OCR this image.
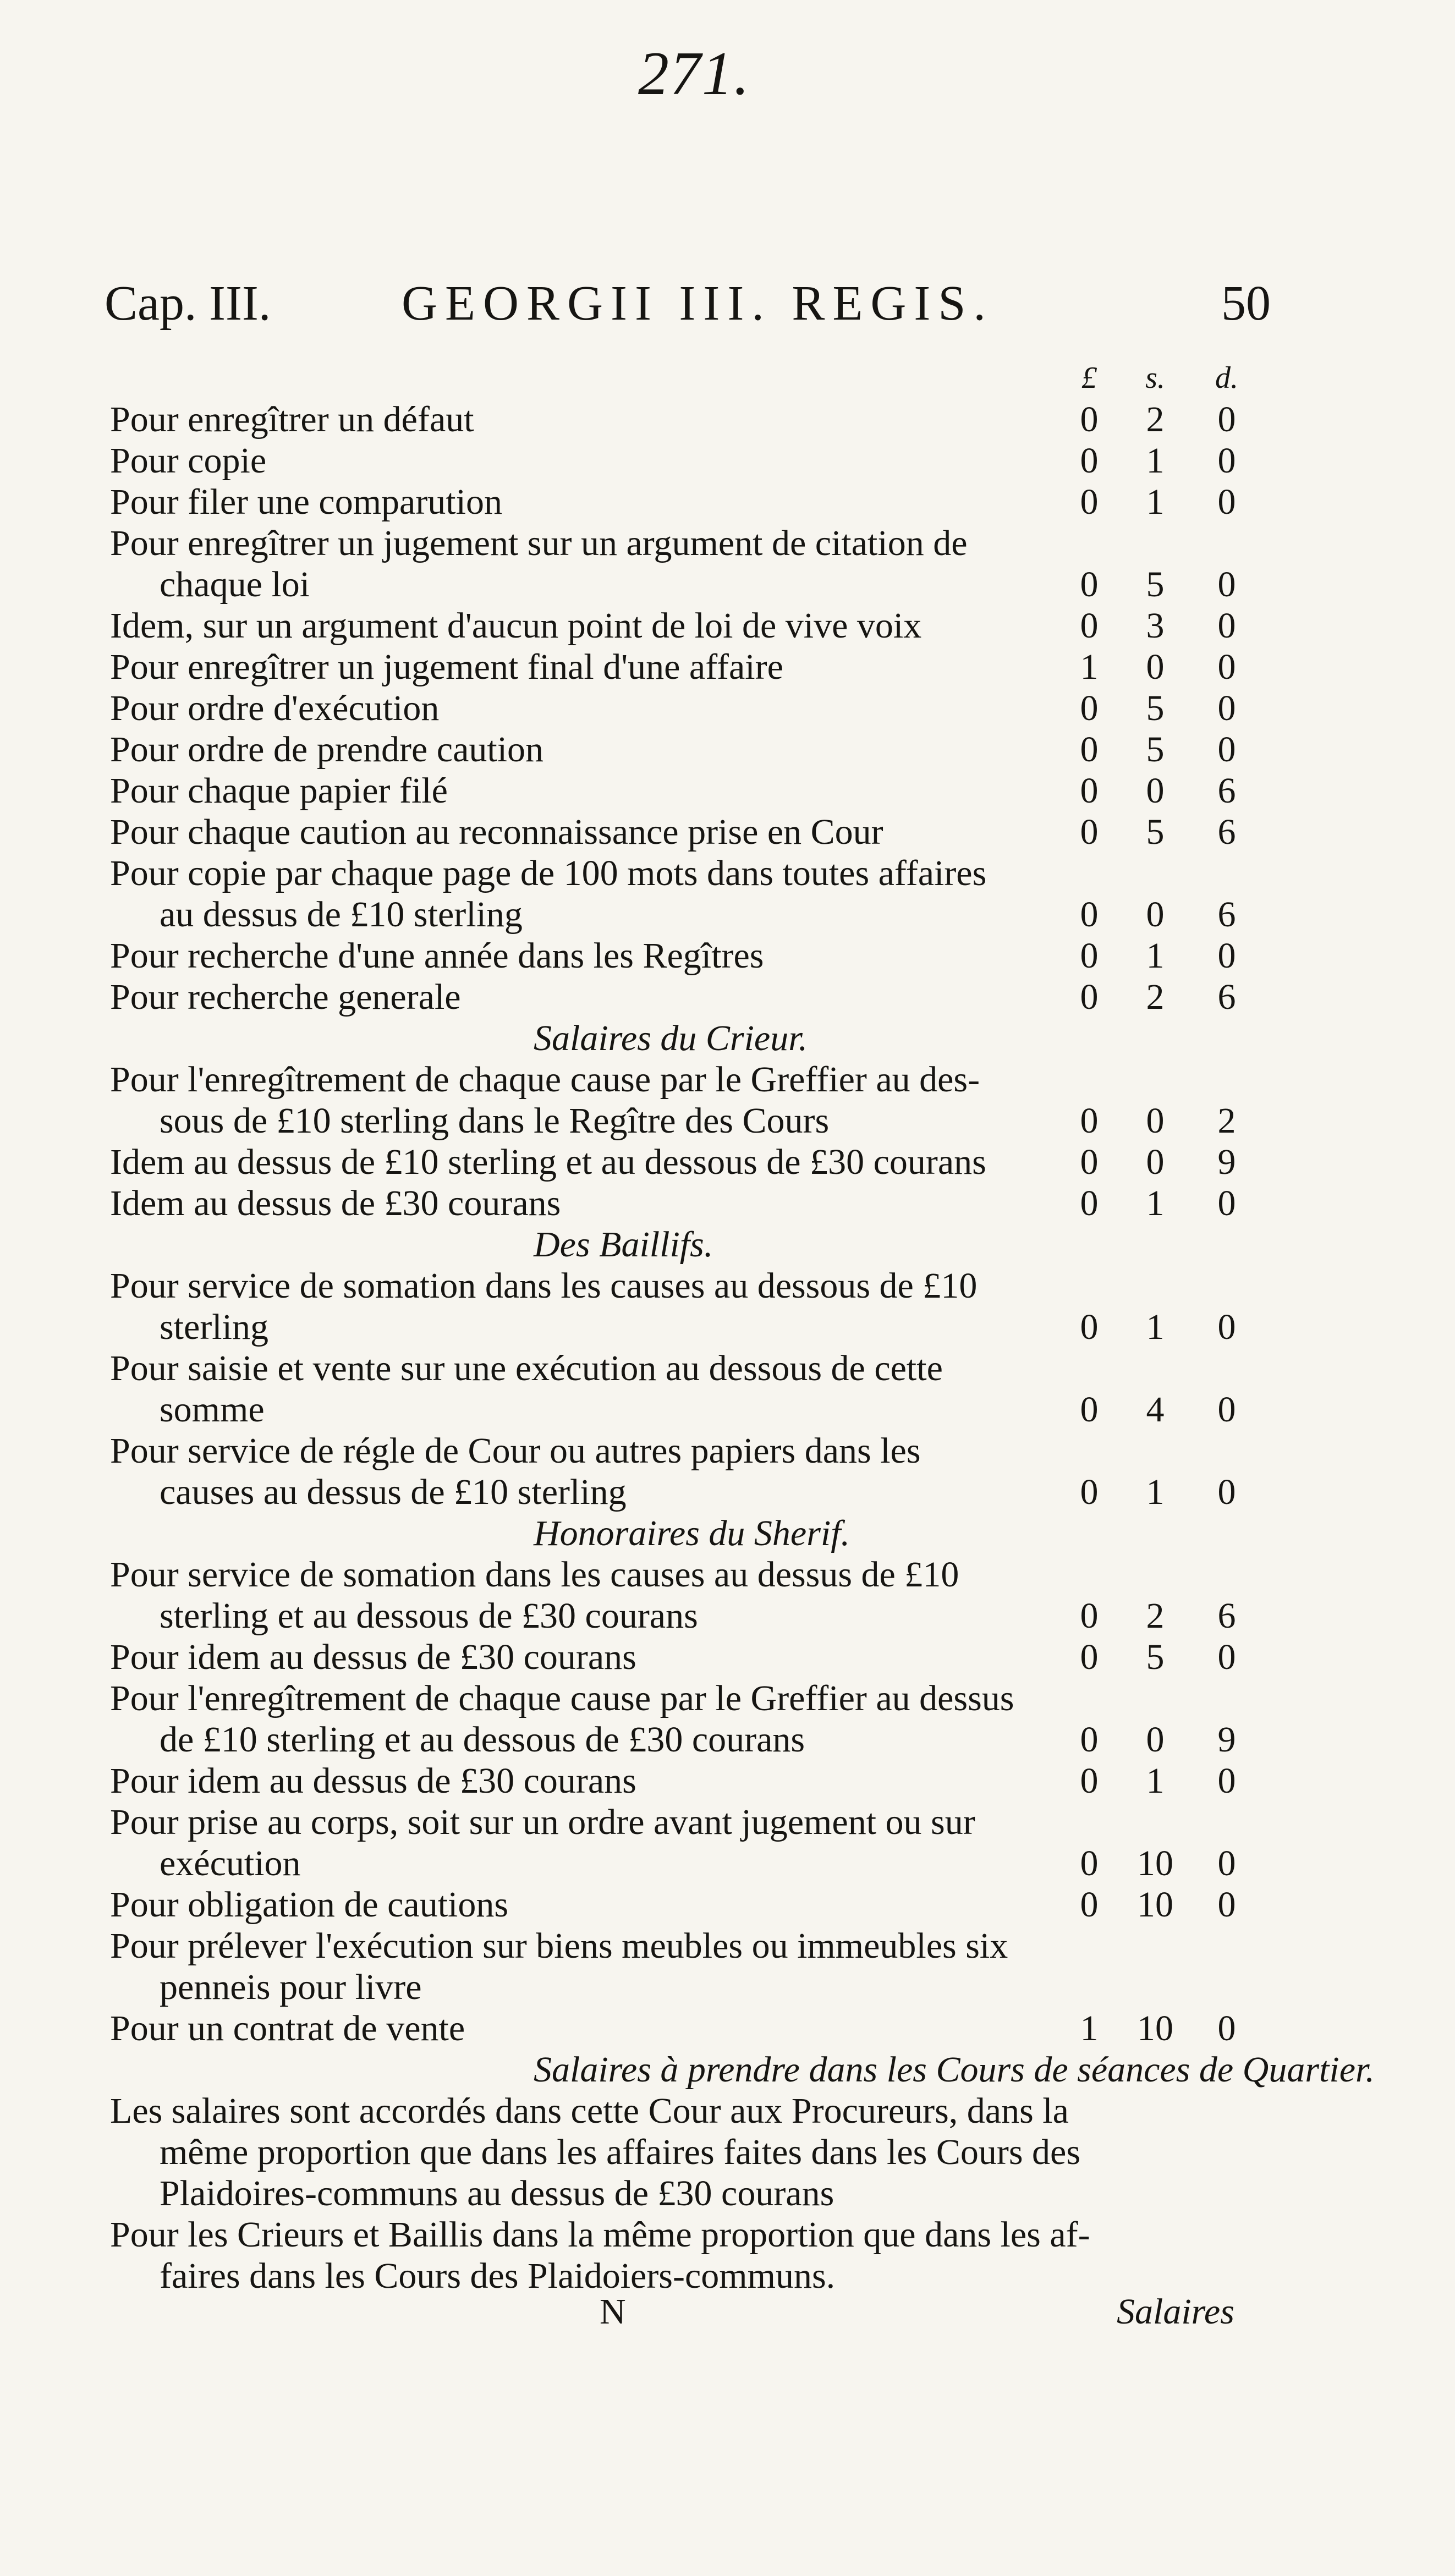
271.
Cap. III.	GEORGII III. REGIS.	50
£	s.	d.
Pour enregîtrer un défaut	0	2	0
Pour copie	0	1	0
Pour filer une comparution	0	1	0
Pour enregîtrer un jugement sur un argument de citation de
chaque loi	0	5	0
Idem, sur un argument d'aucun point de loi de vive voix	0	3	0
Pour enregîtrer un jugement final d'une affaire	1	0	0
Pour ordre d'exécution	0	5	0
Pour ordre de prendre caution	0	5	0
Pour chaque papier filé	0	0	6
Pour chaque caution au reconnaissance prise en Cour	0	5	6
Pour copie par chaque page de 100 mots dans toutes affaires
au dessus de £10 sterling	0	0	6
Pour recherche d'une année dans les Regîtres	0	1	0
Pour recherche generale	0	2	6
Salaires du Crieur.
Pour l'enregîtrement de chaque cause par le Greffier au des-
sous de £10 sterling dans le Regître des Cours	0	0	2
Idem au dessus de £10 sterling et au dessous de £30 courans	0	0	9
Idem au dessus de £30 courans	0	1	0
Des Baillifs.
Pour service de somation dans les causes au dessous de £10
sterling	0	1	0
Pour saisie et vente sur une exécution au dessous de cette
somme	0	4	0
Pour service de régle de Cour ou autres papiers dans les
causes au dessus de £10 sterling	0	1	0
Honoraires du Sherif.
Pour service de somation dans les causes au dessus de £10
sterling et au dessous de £30 courans	0	2	6
Pour idem au dessus de £30 courans	0	5	0
Pour l'enregîtrement de chaque cause par le Greffier au dessus
de £10 sterling et au dessous de £30 courans	0	0	9
Pour idem au dessus de £30 courans	0	1	0
Pour prise au corps, soit sur un ordre avant jugement ou sur
exécution	0	10	0
Pour obligation de cautions	0	10	0
Pour prélever l'exécution sur biens meubles ou immeubles six
penneis pour livre
Pour un contrat de vente	1	10	0
Salaires à prendre dans les Cours de séances de Quartier.
Les salaires sont accordés dans cette Cour aux Procureurs, dans la
même proportion que dans les affaires faites dans les Cours des
Plaidoires-communs au dessus de £30 courans
Pour les Crieurs et Baillis dans la même proportion que dans les af-
faires dans les Cours des Plaidoiers-communs.
N	Salaires
